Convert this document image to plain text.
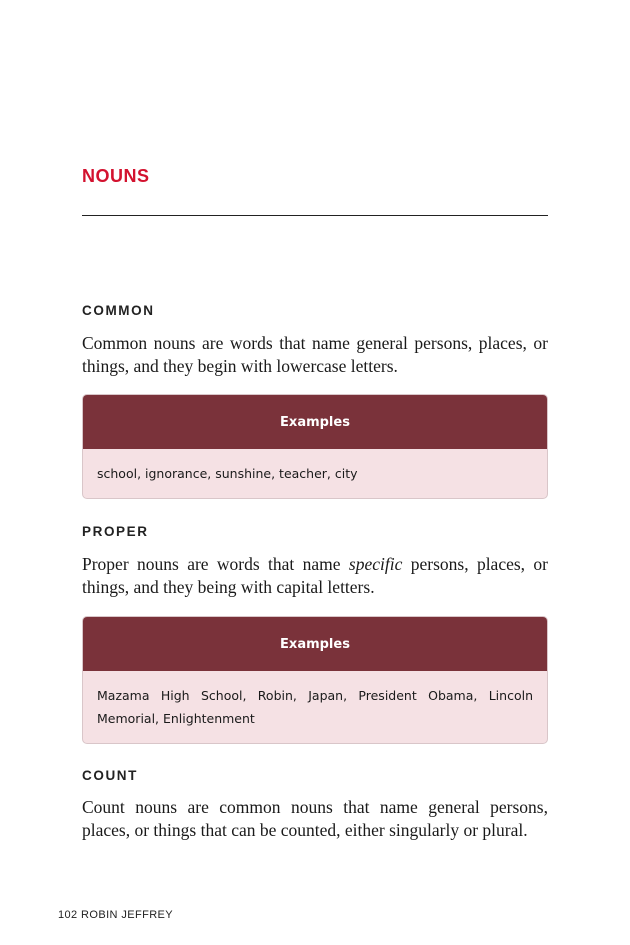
NOUNS
COMMON

Common nouns are words that name general persons, places, or things, and they begin with lowercase letters.

Examples
school, ignorance, sunshine, teacher, city
PROPER

Proper nouns are words that name specific persons, places, or things, and they being with capital letters.

Examples
Mazama High School, Robin, Japan, President Obama, Lincoln Memorial, Enlightenment
COUNT

Count nouns are common nouns that name general persons, places, or things that can be counted, either singularly or plural.

102 ROBIN JEFFREY
